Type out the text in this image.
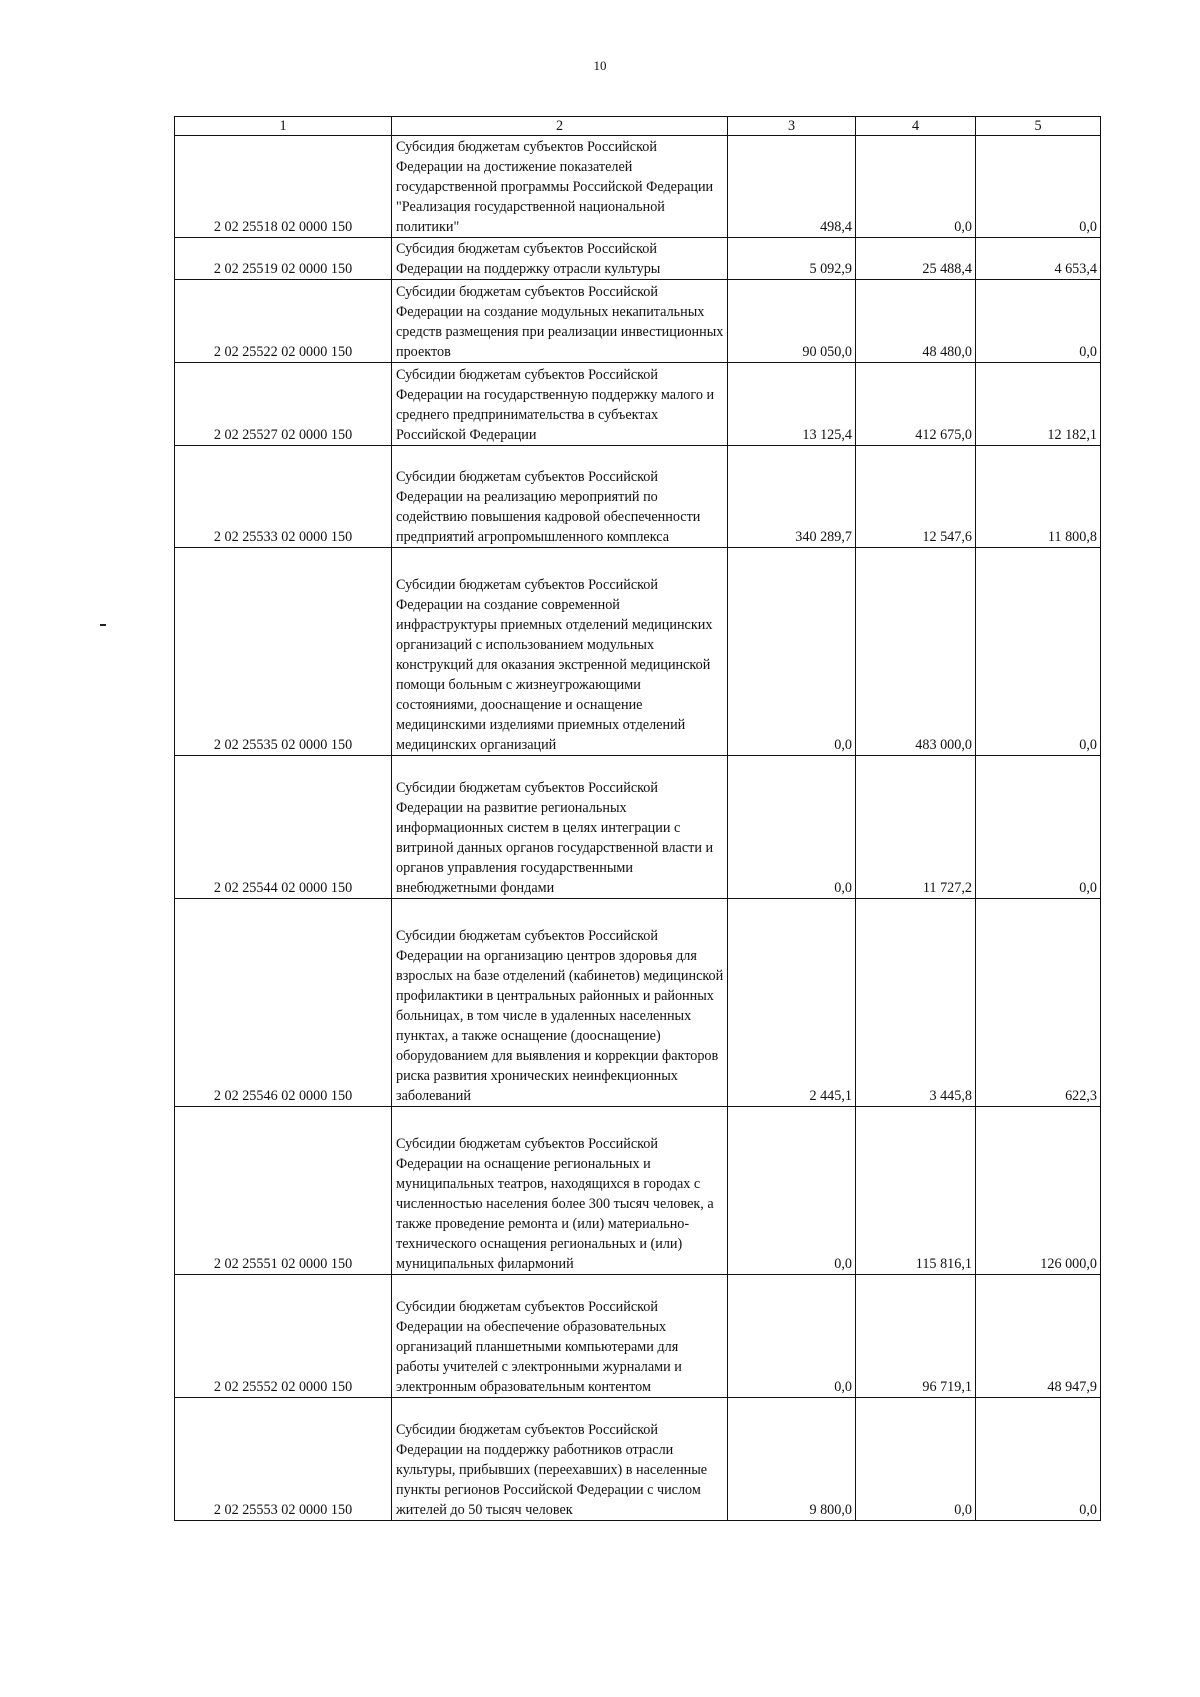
10
1	2	3	4	5
2 02 25518 02 0000 150	Субсидия бюджетам субъектов Российской Федерации на достижение показателей государственной программы Российской Федерации "Реализация государственной национальной политики"	498,4	0,0	0,0
2 02 25519 02 0000 150	Субсидия бюджетам субъектов Российской Федерации на поддержку отрасли культуры	5 092,9	25 488,4	4 653,4
2 02 25522 02 0000 150	Субсидии бюджетам субъектов Российской Федерации на создание модульных некапитальных средств размещения при реализации инвестиционных проектов	90 050,0	48 480,0	0,0
2 02 25527 02 0000 150	Субсидии бюджетам субъектов Российской Федерации на государственную поддержку малого и среднего предпринимательства в субъектах Российской Федерации	13 125,4	412 675,0	12 182,1
2 02 25533 02 0000 150	Субсидии бюджетам субъектов Российской Федерации на реализацию мероприятий по содействию повышения кадровой обеспеченности предприятий агропромышленного комплекса	340 289,7	12 547,6	11 800,8
2 02 25535 02 0000 150	Субсидии бюджетам субъектов Российской Федерации на создание современной инфраструктуры приемных отделений медицинских организаций с использованием модульных конструкций для оказания экстренной медицинской помощи больным с жизнеугрожающими состояниями, дооснащение и оснащение медицинскими изделиями приемных отделений медицинских организаций	0,0	483 000,0	0,0
2 02 25544 02 0000 150	Субсидии бюджетам субъектов Российской Федерации на развитие региональных информационных систем в целях интеграции с витриной данных органов государственной власти и органов управления государственными внебюджетными фондами	0,0	11 727,2	0,0
2 02 25546 02 0000 150	Субсидии бюджетам субъектов Российской Федерации на организацию центров здоровья для взрослых на базе отделений (кабинетов) медицинской профилактики в центральных районных и районных больницах, в том числе в удаленных населенных пунктах, а также оснащение (дооснащение) оборудованием для выявления и коррекции факторов риска развития хронических неинфекционных заболеваний	2 445,1	3 445,8	622,3
2 02 25551 02 0000 150	Субсидии бюджетам субъектов Российской Федерации на оснащение региональных и муниципальных театров, находящихся в городах с численностью населения более 300 тысяч человек, а также проведение ремонта и (или) материально-технического оснащения региональных и (или) муниципальных филармоний	0,0	115 816,1	126 000,0
2 02 25552 02 0000 150	Субсидии бюджетам субъектов Российской Федерации на обеспечение образовательных организаций планшетными компьютерами для работы учителей с электронными журналами и электронным образовательным контентом	0,0	96 719,1	48 947,9
2 02 25553 02 0000 150	Субсидии бюджетам субъектов Российской Федерации на поддержку работников отрасли культуры, прибывших (переехавших) в населенные пункты регионов Российской Федерации с числом жителей до 50 тысяч человек	9 800,0	0,0	0,0
